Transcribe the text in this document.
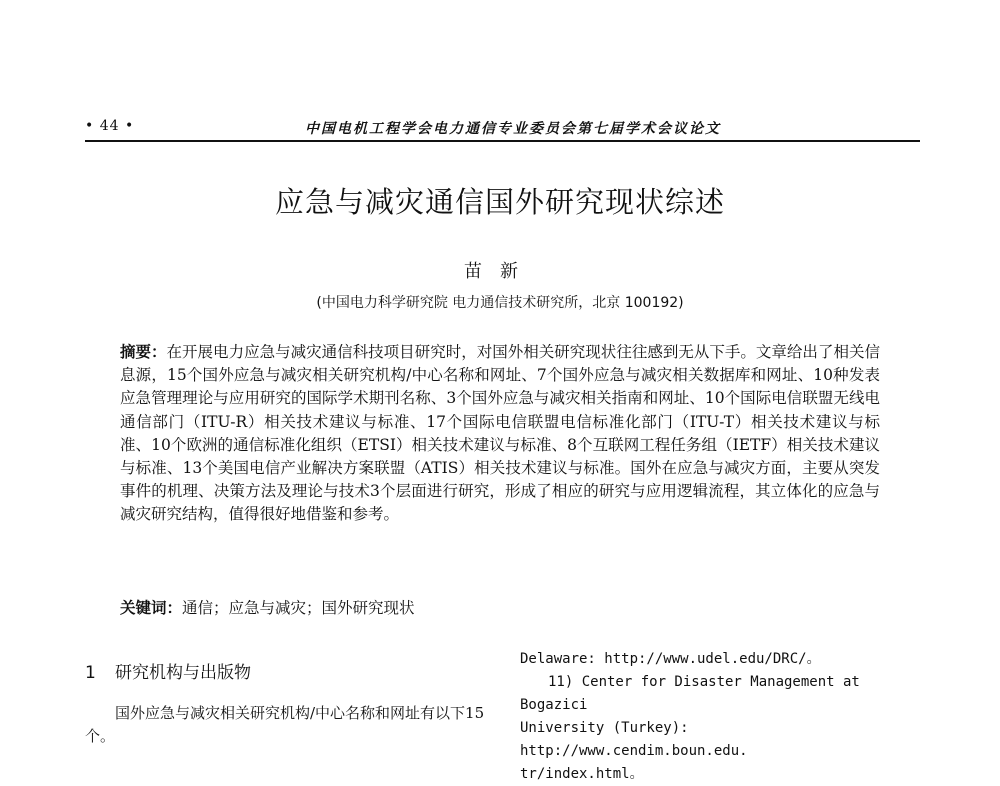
• 44 •	中国电机工程学会电力通信专业委员会第七届学术会议论文
应急与减灾通信国外研究现状综述
苗新
(中国电力科学研究院 电力通信技术研究所，北京 100192)
摘要：在开展电力应急与减灾通信科技项目研究时，对国外相关研究现状往往感到无从下手。文章给出了相关信息源，15个国外应急与减灾相关研究机构/中心名称和网址、7个国外应急与减灾相关数据库和网址、10种发表应急管理理论与应用研究的国际学术期刊名称、3个国外应急与减灾相关指南和网址、10个国际电信联盟无线电通信部门（ITU-R）相关技术建议与标准、17个国际电信联盟电信标准化部门（ITU-T）相关技术建议与标准、10个欧洲的通信标准化组织（ETSI）相关技术建议与标准、8个互联网工程任务组（IETF）相关技术建议与标准、13个美国电信产业解决方案联盟（ATIS）相关技术建议与标准。国外在应急与减灾方面，主要从突发事件的机理、决策方法及理论与技术3个层面进行研究，形成了相应的研究与应用逻辑流程，其立体化的应急与减灾研究结构，值得很好地借鉴和参考。
关键词：通信；应急与减灾；国外研究现状
1 研究机构与出版物

国外应急与减灾相关研究机构/中心名称和网址有以下15个。

Delaware: http://www.udel.edu/DRC/。

11) Center for Disaster Management at Bogazici

University (Turkey): http://www.cendim.boun.edu.

tr/index.html。
